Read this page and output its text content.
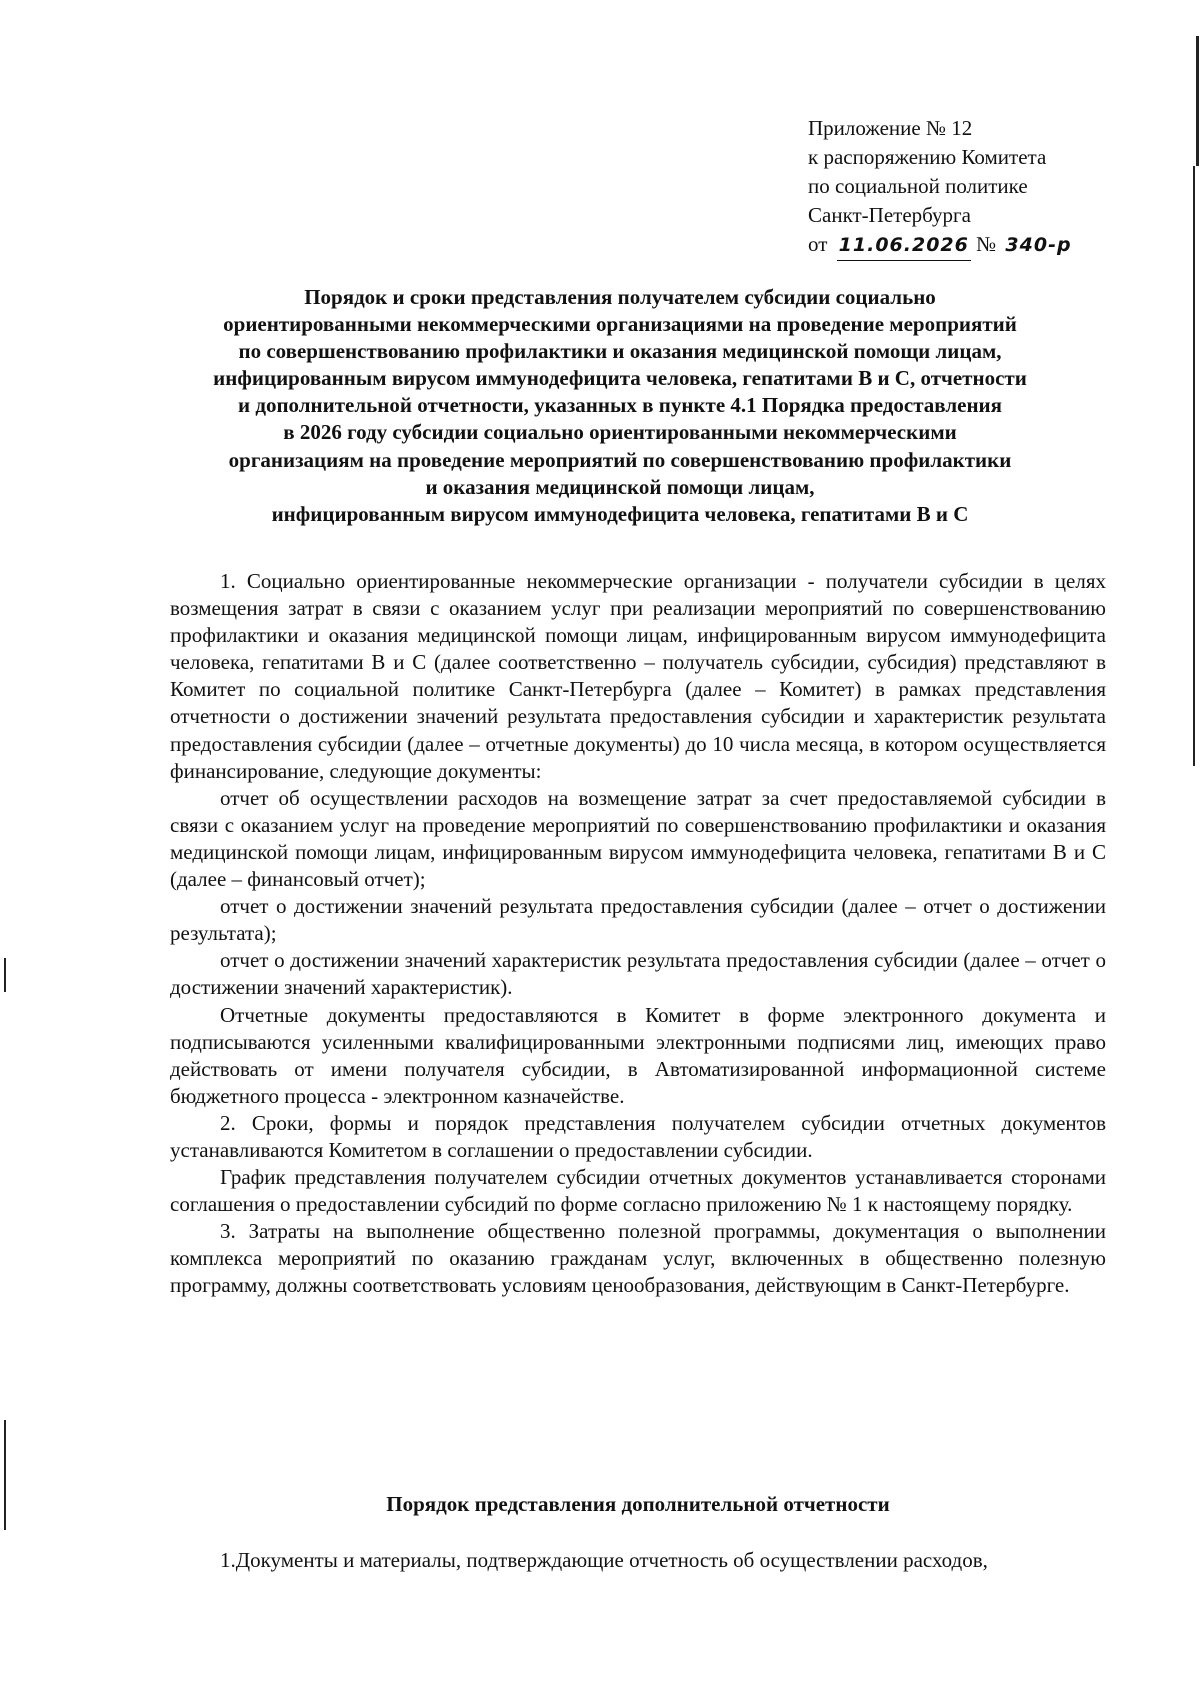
Приложение № 12
к распоряжению Комитета
по социальной политике
Санкт-Петербурга
от 11.06.2026 № 340-р
Порядок и сроки представления получателем субсидии социально
ориентированными некоммерческими организациями на проведение мероприятий
по совершенствованию профилактики и оказания медицинской помощи лицам,
инфицированным вирусом иммунодефицита человека, гепатитами В и С, отчетности
и дополнительной отчетности, указанных в пункте 4.1 Порядка предоставления
в 2026 году субсидии социально ориентированными некоммерческими
организациям на проведение мероприятий по совершенствованию профилактики
и оказания медицинской помощи лицам,
инфицированным вирусом иммунодефицита человека, гепатитами В и С

1. Социально ориентированные некоммерческие организации - получатели субсидии в целях возмещения затрат в связи с оказанием услуг при реализации мероприятий по совершенствованию профилактики и оказания медицинской помощи лицам, инфицированным вирусом иммунодефицита человека, гепатитами В и С (далее соответственно – получатель субсидии, субсидия) представляют в Комитет по социальной политике Санкт-Петербурга (далее – Комитет) в рамках представления отчетности о достижении значений результата предоставления субсидии и характеристик результата предоставления субсидии (далее – отчетные документы) до 10 числа месяца, в котором осуществляется финансирование, следующие документы:

отчет об осуществлении расходов на возмещение затрат за счет предоставляемой субсидии в связи с оказанием услуг на проведение мероприятий по совершенствованию профилактики и оказания медицинской помощи лицам, инфицированным вирусом иммунодефицита человека, гепатитами В и С (далее – финансовый отчет);

отчет о достижении значений результата предоставления субсидии (далее – отчет о достижении результата);

отчет о достижении значений характеристик результата предоставления субсидии (далее – отчет о достижении значений характеристик).

Отчетные документы предоставляются в Комитет в форме электронного документа и подписываются усиленными квалифицированными электронными подписями лиц, имеющих право действовать от имени получателя субсидии, в Автоматизированной информационной системе бюджетного процесса - электронном казначействе.

2. Сроки, формы и порядок представления получателем субсидии отчетных документов устанавливаются Комитетом в соглашении о предоставлении субсидии.

График представления получателем субсидии отчетных документов устанавливается сторонами соглашения о предоставлении субсидий по форме согласно приложению № 1 к настоящему порядку.

3. Затраты на выполнение общественно полезной программы, документация о выполнении комплекса мероприятий по оказанию гражданам услуг, включенных в общественно полезную программу, должны соответствовать условиям ценообразования, действующим в Санкт-Петербурге.

Порядок представления дополнительной отчетности

1.Документы и материалы, подтверждающие отчетность об осуществлении расходов,
